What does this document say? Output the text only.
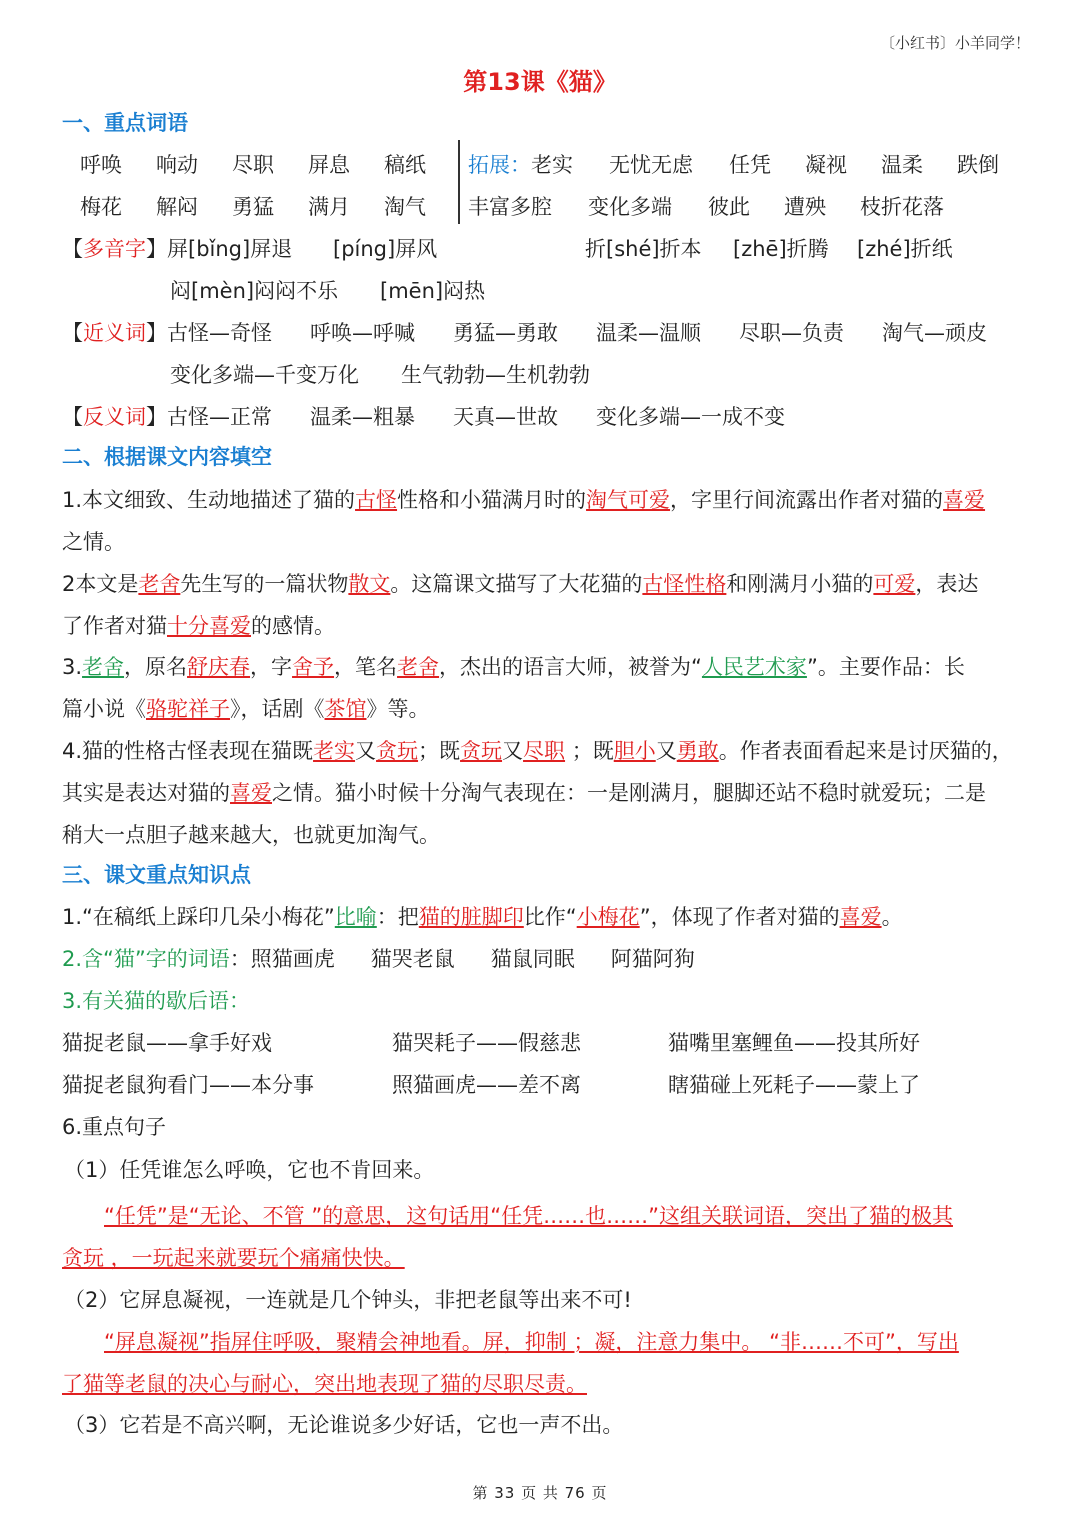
〔小红书〕小羊同学！
第13课《猫》
一、重点词语
呼唤 响动 尽职 屏息 稿纸
梅花 解闷 勇猛 满月 淘气
拓展：老实 无忧无虑 任凭 凝视 温柔 跌倒
丰富多腔 变化多端 彼此 遭殃 枝折花落
【多音字】屏[bǐng]屏退 [píng]屏风	折[shé]折本 [zhē]折腾 [zhé]折纸
闷[mèn]闷闷不乐 [mēn]闷热
【近义词】古怪—奇怪 呼唤—呼喊 勇猛—勇敢 温柔—温顺 尽职—负责 淘气—顽皮
变化多端—千变万化 生气勃勃—生机勃勃
【反义词】古怪—正常 温柔—粗暴 天真—世故 变化多端—一成不变
二、根据课文内容填空
1.本文细致、生动地描述了猫的古怪性格和小猫满月时的淘气可爱，字里行间流露出作者对猫的喜爱
之情。
2本文是老舍先生写的一篇状物散文。这篇课文描写了大花猫的古怪性格和刚满月小猫的可爱，表达
了作者对猫十分喜爱的感情。
3.老舍，原名舒庆春，字舍予，笔名老舍，杰出的语言大师，被誉为“人民艺术家”。主要作品：长
篇小说《骆驼祥子》，话剧《茶馆》等。
4.猫的性格古怪表现在猫既老实又贪玩；既贪玩又尽职 ；既胆小又勇敢。作者表面看起来是讨厌猫的，
其实是表达对猫的喜爱之情。猫小时候十分淘气表现在：一是刚满月，腿脚还站不稳时就爱玩；二是
稍大一点胆子越来越大，也就更加淘气。
三、课文重点知识点
1.“在稿纸上踩印几朵小梅花”比喻：把猫的脏脚印比作“小梅花”，体现了作者对猫的喜爱。
2.含“猫”字的词语：照猫画虎 猫哭老鼠 猫鼠同眠 阿猫阿狗
3.有关猫的歇后语：
猫捉老鼠——拿手好戏	猫哭耗子——假慈悲	猫嘴里塞鲤鱼——投其所好
猫捉老鼠狗看门——本分事	照猫画虎——差不离	瞎猫碰上死耗子——蒙上了
6.重点句子
（1）任凭谁怎么呼唤，它也不肯回来。
“任凭”是“无论、不管 ”的意思，这句话用“任凭……也……”这组关联词语，突出了猫的极其
贪玩 ，一玩起来就要玩个痛痛快快。
（2）它屏息凝视，一连就是几个钟头，非把老鼠等出来不可!
“屏息凝视”指屏住呼吸，聚精会神地看。屏，抑制 ；凝，注意力集中。 “非……不可”，写出
了猫等老鼠的决心与耐心，突出地表现了猫的尽职尽责。
（3）它若是不高兴啊，无论谁说多少好话，它也一声不出。
第 33 页 共 76 页
